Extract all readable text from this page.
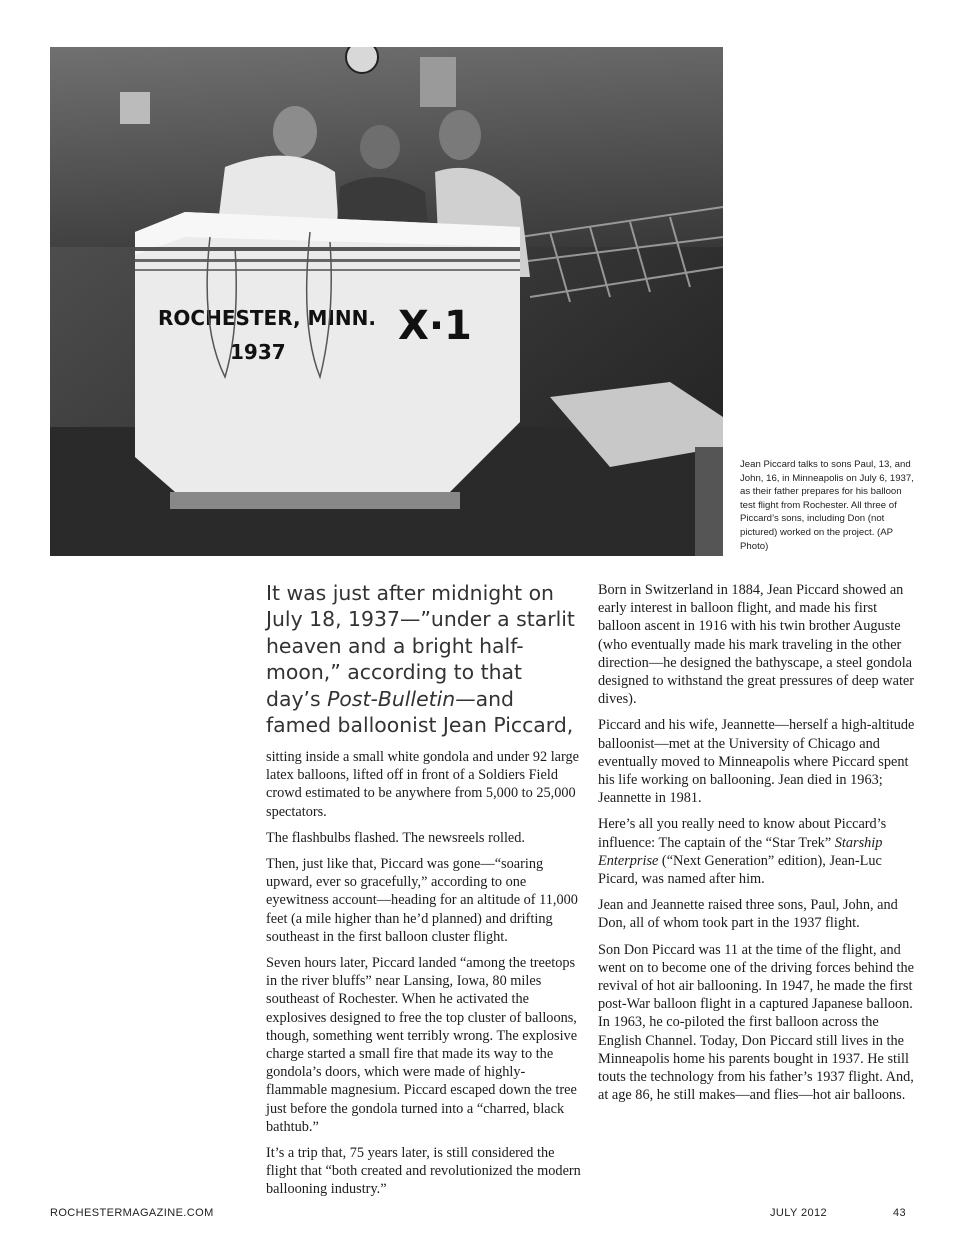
ROCHESTER, MINN.
1937
X·1
Jean Piccard talks to sons Paul, 13, and John, 16, in Minneapolis on July 6, 1937, as their father prepares for his balloon test flight from Rochester. All three of Piccard’s sons, including Don (not pictured) worked on the project. (AP Photo)
It was just after midnight on July 18, 1937—”under a starlit heaven and a bright half-moon,” according to that day’s Post-Bulletin—and famed balloonist Jean Piccard,

sitting inside a small white gondola and under 92 large latex balloons, lifted off in front of a Soldiers Field crowd estimated to be anywhere from 5,000 to 25,000 spectators.

The flashbulbs flashed. The newsreels rolled.

Then, just like that, Piccard was gone—“soaring upward, ever so gracefully,” according to one eyewitness account—heading for an altitude of 11,000 feet (a mile higher than he’d planned) and drifting southeast in the first balloon cluster flight.

Seven hours later, Piccard landed “among the treetops in the river bluffs” near Lansing, Iowa, 80 miles southeast of Rochester. When he activated the explosives designed to free the top cluster of balloons, though, something went terribly wrong. The explosive charge started a small fire that made its way to the gondola’s doors, which were made of highly-flammable magnesium. Piccard escaped down the tree just before the gondola turned into a “charred, black bathtub.”

It’s a trip that, 75 years later, is still considered the flight that “both created and revolutionized the modern ballooning industry.”

Born in Switzerland in 1884, Jean Piccard showed an early interest in balloon flight, and made his first balloon ascent in 1916 with his twin brother Auguste (who eventually made his mark traveling in the other direction—he designed the bathyscape, a steel gondola designed to withstand the great pressures of deep water dives).

Piccard and his wife, Jeannette—herself a high-altitude balloonist—met at the University of Chicago and eventually moved to Minneapolis where Piccard spent his life working on ballooning. Jean died in 1963; Jeannette in 1981.

Here’s all you really need to know about Piccard’s influence: The captain of the “Star Trek” Starship Enterprise (“Next Generation” edition), Jean-Luc Picard, was named after him.

Jean and Jeannette raised three sons, Paul, John, and Don, all of whom took part in the 1937 flight.

Son Don Piccard was 11 at the time of the flight, and went on to become one of the driving forces behind the revival of hot air ballooning. In 1947, he made the first post-War balloon flight in a captured Japanese balloon. In 1963, he co-piloted the first balloon across the English Channel. Today, Don Piccard still lives in the Minneapolis home his parents bought in 1937. He still touts the technology from his father’s 1937 flight. And, at age 86, he still makes—and flies—hot air balloons.

ROCHESTERMAGAZINE.COM	JULY 2012	43
